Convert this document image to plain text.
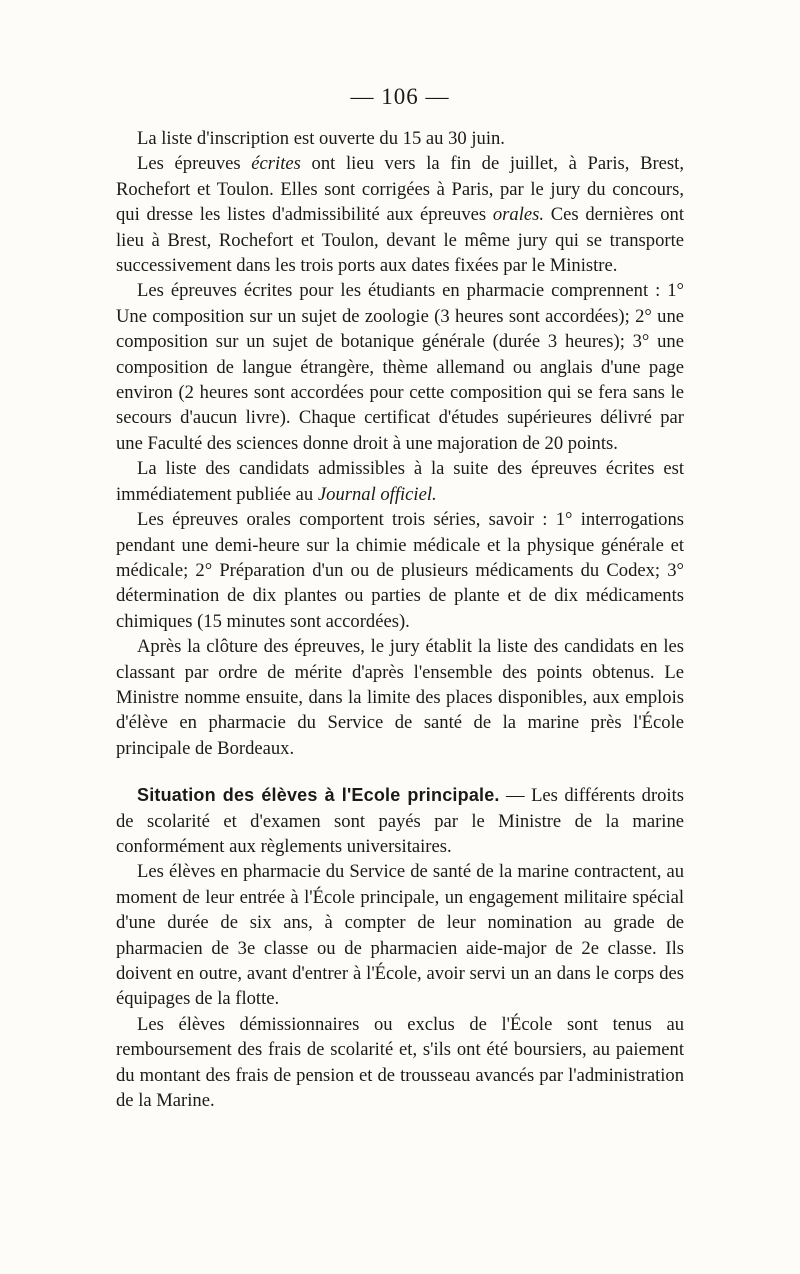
— 106 —

La liste d'inscription est ouverte du 15 au 30 juin.

Les épreuves écrites ont lieu vers la fin de juillet, à Paris, Brest, Rochefort et Toulon. Elles sont corrigées à Paris, par le jury du concours, qui dresse les listes d'admissibilité aux épreuves orales. Ces dernières ont lieu à Brest, Rochefort et Toulon, devant le même jury qui se transporte successivement dans les trois ports aux dates fixées par le Ministre.

Les épreuves écrites pour les étudiants en pharmacie comprennent : 1° Une composition sur un sujet de zoologie (3 heures sont accordées); 2° une composition sur un sujet de botanique générale (durée 3 heures); 3° une composition de langue étrangère, thème allemand ou anglais d'une page environ (2 heures sont accordées pour cette composition qui se fera sans le secours d'aucun livre). Chaque certificat d'études supérieures délivré par une Faculté des sciences donne droit à une majoration de 20 points.

La liste des candidats admissibles à la suite des épreuves écrites est immédiatement publiée au Journal officiel.

Les épreuves orales comportent trois séries, savoir : 1° interrogations pendant une demi-heure sur la chimie médicale et la physique générale et médicale; 2° Préparation d'un ou de plusieurs médicaments du Codex; 3° détermination de dix plantes ou parties de plante et de dix médicaments chimiques (15 minutes sont accordées).

Après la clôture des épreuves, le jury établit la liste des candidats en les classant par ordre de mérite d'après l'ensemble des points obtenus. Le Ministre nomme ensuite, dans la limite des places disponibles, aux emplois d'élève en pharmacie du Service de santé de la marine près l'École principale de Bordeaux.

Situation des élèves à l'Ecole principale. — Les différents droits de scolarité et d'examen sont payés par le Ministre de la marine conformément aux règlements universitaires.

Les élèves en pharmacie du Service de santé de la marine contractent, au moment de leur entrée à l'École principale, un engagement militaire spécial d'une durée de six ans, à compter de leur nomination au grade de pharmacien de 3e classe ou de pharmacien aide-major de 2e classe. Ils doivent en outre, avant d'entrer à l'École, avoir servi un an dans le corps des équipages de la flotte.

Les élèves démissionnaires ou exclus de l'École sont tenus au remboursement des frais de scolarité et, s'ils ont été boursiers, au paiement du montant des frais de pension et de trousseau avancés par l'administration de la Marine.
